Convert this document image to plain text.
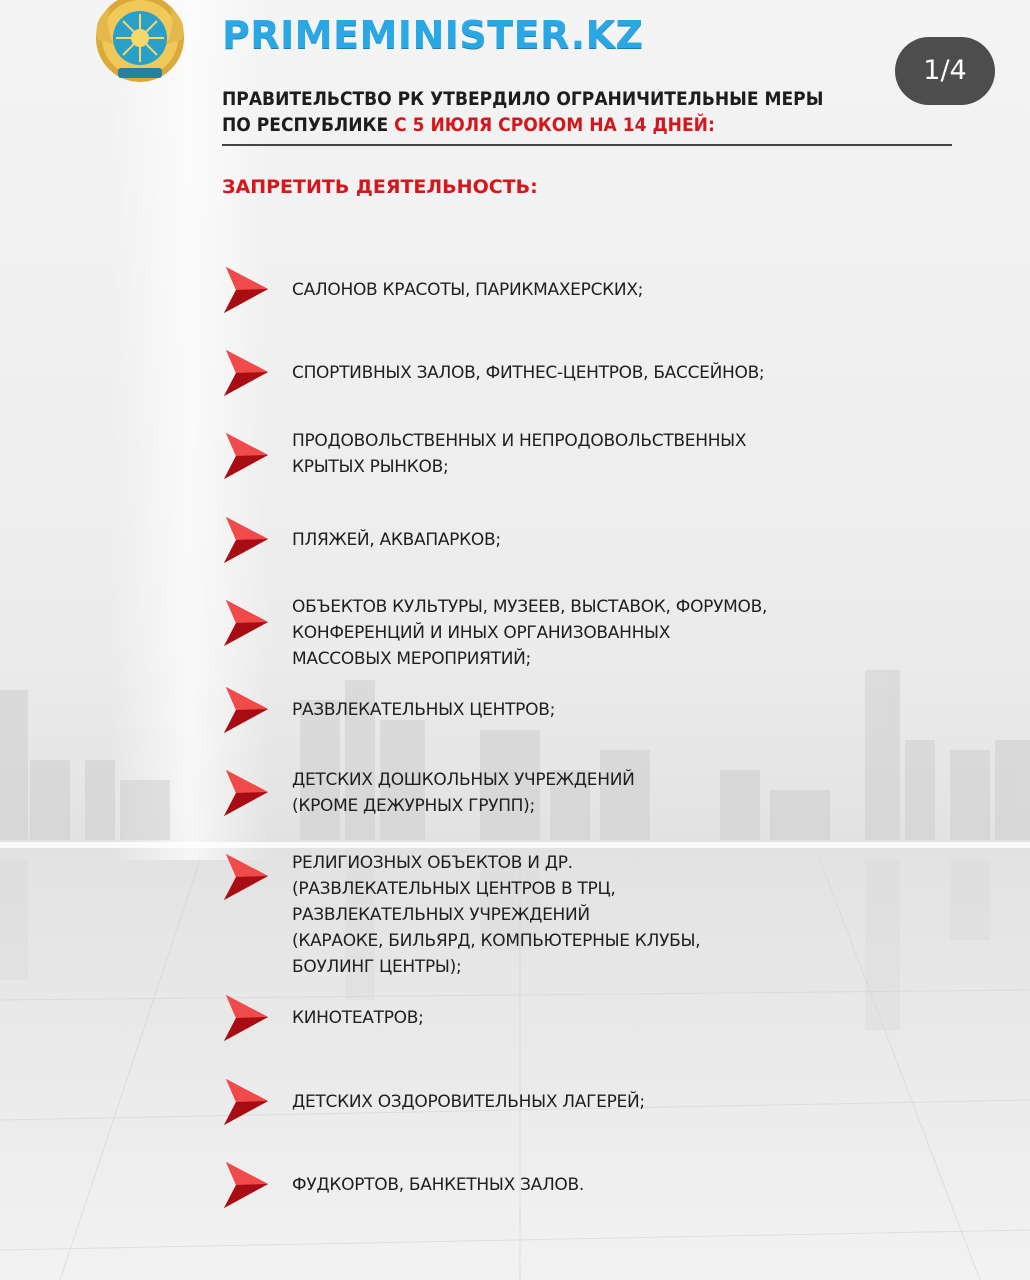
PRIMEMINISTER.KZ
1/4
ПРАВИТЕЛЬСТВО РК УТВЕРДИЛО ОГРАНИЧИТЕЛЬНЫЕ МЕРЫ
ПО РЕСПУБЛИКЕ С 5 ИЮЛЯ СРОКОМ НА 14 ДНЕЙ:
ЗАПРЕТИТЬ ДЕЯТЕЛЬНОСТЬ:
САЛОНОВ КРАСОТЫ, ПАРИКМАХЕРСКИХ;
СПОРТИВНЫХ ЗАЛОВ, ФИТНЕС-ЦЕНТРОВ, БАССЕЙНОВ;
ПРОДОВОЛЬСТВЕННЫХ И НЕПРОДОВОЛЬСТВЕННЫХ
КРЫТЫХ РЫНКОВ;
ПЛЯЖЕЙ, АКВАПАРКОВ;
ОБЪЕКТОВ КУЛЬТУРЫ, МУЗЕЕВ, ВЫСТАВОК, ФОРУМОВ,
КОНФЕРЕНЦИЙ И ИНЫХ ОРГАНИЗОВАННЫХ
МАССОВЫХ МЕРОПРИЯТИЙ;
РАЗВЛЕКАТЕЛЬНЫХ ЦЕНТРОВ;
ДЕТСКИХ ДОШКОЛЬНЫХ УЧРЕЖДЕНИЙ
(КРОМЕ ДЕЖУРНЫХ ГРУПП);
РЕЛИГИОЗНЫХ ОБЪЕКТОВ И ДР.
(РАЗВЛЕКАТЕЛЬНЫХ ЦЕНТРОВ В ТРЦ,
РАЗВЛЕКАТЕЛЬНЫХ УЧРЕЖДЕНИЙ
(КАРАОКЕ, БИЛЬЯРД, КОМПЬЮТЕРНЫЕ КЛУБЫ,
БОУЛИНГ ЦЕНТРЫ);
КИНОТЕАТРОВ;
ДЕТСКИХ ОЗДОРОВИТЕЛЬНЫХ ЛАГЕРЕЙ;
ФУДКОРТОВ, БАНКЕТНЫХ ЗАЛОВ.
